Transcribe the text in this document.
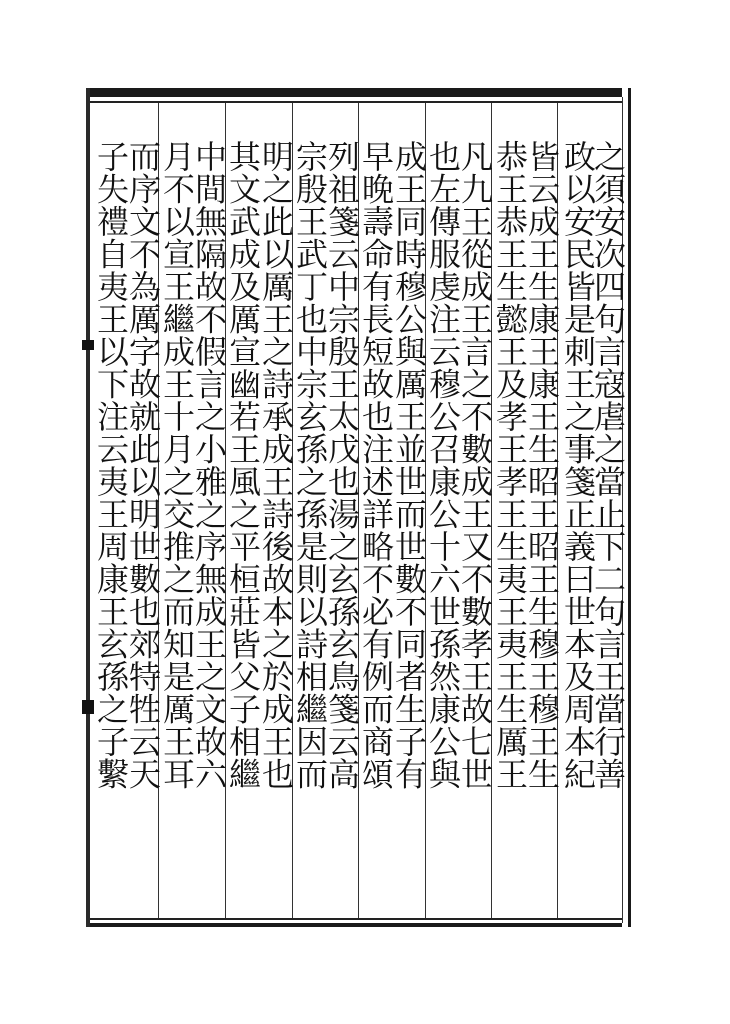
之須安次四句言寇虐之當止下二句言王當行善
政以安民皆是刺王之事箋正義曰世本及周本紀
皆云成王生康王康王生昭王昭王生穆王穆王生
恭王恭王生懿王及孝王孝王生夷王夷王生厲王
凡九王從成王言之不數成王又不數孝王故七世
也左傳服虔注云穆公召康公十六世孫然康公與
成王同時穆公與厲王並世而世數不同者生子有
早晚壽命有長短故也注述詳略不必有例而商頌
列祖箋云中宗殷王太戊也湯之玄孫玄鳥箋云高
宗殷王武丁也中宗玄孫之孫是則以詩相繼因而
明之此以厲王之詩承成王詩後故本之於成王也
其文武成及厲宣幽若王風之平桓莊皆父子相繼
中間無隔故不假言之小雅之序無成王之文故六
月不以宣王繼成王十月之交推之而知是厲王耳
而序文不為厲字故就此以明世數也郊特牲云天
子失禮自夷王以下注云夷王周康王玄孫之子繫
